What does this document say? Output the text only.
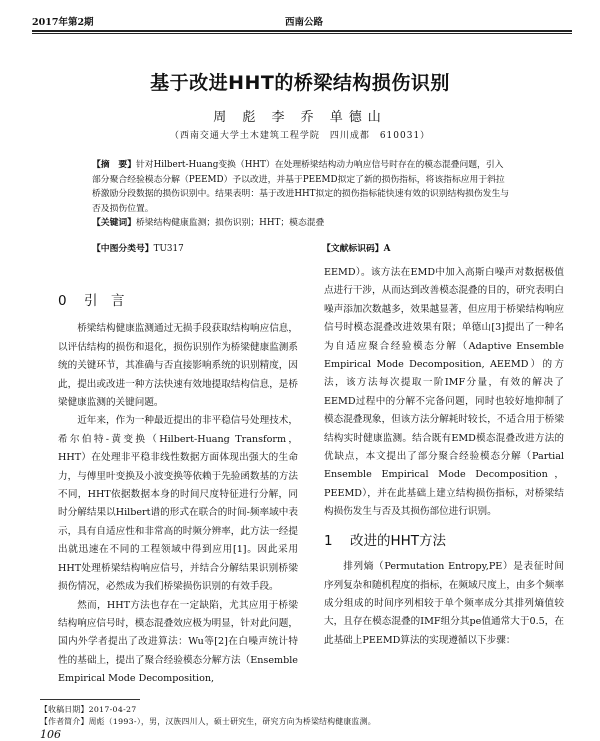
2017年第2期	西南公路
基于改进HHT的桥梁结构损伤识别
周 彪 李 乔 单德山
（西南交通大学土木建筑工程学院　四川成都　610031）

【摘　要】针对Hilbert-Huang变换（HHT）在处理桥梁结构动力响应信号时存在的模态混叠问题，引入部分聚合经验模态分解（PEEMD）予以改进，并基于PEEMD拟定了新的损伤指标，将该指标应用于斜拉桥激励分段数据的损伤识别中。结果表明：基于改进HHT拟定的损伤指标能快速有效的识别结构损伤发生与否及损伤位置。

【关键词】桥梁结构健康监测；损伤识别；HHT；模态混叠

【中图分类号】TU317	【文献标识码】A
0 引　言

桥梁结构健康监测通过无损手段获取结构响应信息，以评估结构的损伤和退化，损伤识别作为桥梁健康监测系统的关键环节，其准确与否直接影响系统的识别精度，因此，提出或改进一种方法快速有效地提取结构信息，是桥梁健康监测的关键问题。

近年来，作为一种最近提出的非平稳信号处理技术，希尔伯特-黄变换（Hilbert-Huang Transform，HHT）在处理非平稳非线性数据方面体现出强大的生命力，与傅里叶变换及小波变换等依赖于先验函数基的方法不同，HHT依据数据本身的时间尺度特征进行分解，同时分解结果以Hilbert谱的形式在联合的时间-频率域中表示，具有自适应性和非常高的时频分辨率，此方法一经提出就迅速在不同的工程领域中得到应用[1]。因此采用HHT处理桥梁结构响应信号，并结合分解结果识别桥梁损伤情况，必然成为我们桥梁损伤识别的有效手段。

然而，HHT方法也存在一定缺陷，尤其应用于桥梁结构响应信号时，模态混叠效应极为明显，针对此问题，国内外学者提出了改进算法：Wu等[2]在白噪声统计特性的基础上，提出了聚合经验模态分解方法（Ensemble Empirical Mode Decomposition,

EEMD）。该方法在EMD中加入高斯白噪声对数据极值点进行干涉，从而达到改善模态混叠的目的，研究表明白噪声添加次数越多，效果越显著，但应用于桥梁结构响应信号时模态混叠改进效果有限；单德山[3]提出了一种名为自适应聚合经验模态分解（Adaptive Ensemble Empirical Mode Decomposition, AEEMD）的方法，该方法每次提取一阶IMF分量，有效的解决了EEMD过程中的分解不完备问题，同时也较好地抑制了模态混叠现象，但该方法分解耗时较长，不适合用于桥梁结构实时健康监测。结合既有EMD模态混叠改进方法的优缺点，本文提出了部分聚合经验模态分解（Partial Ensemble Empirical Mode Decomposition，PEEMD），并在此基础上建立结构损伤指标，对桥梁结构损伤发生与否及其损伤部位进行识别。

1 改进的HHT方法

排列熵（Permutation Entropy,PE）是表征时间序列复杂和随机程度的指标，在频域尺度上，由多个频率成分组成的时间序列相较于单个频率成分其排列熵值较大，且存在模态混叠的IMF组分其pe值通常大于0.5，在此基础上PEEMD算法的实现遵循以下步骤：

【收稿日期】2017-04-27
【作者简介】周彪（1993-），男，汉族四川人，硕士研究生，研究方向为桥梁结构健康监测。
106
